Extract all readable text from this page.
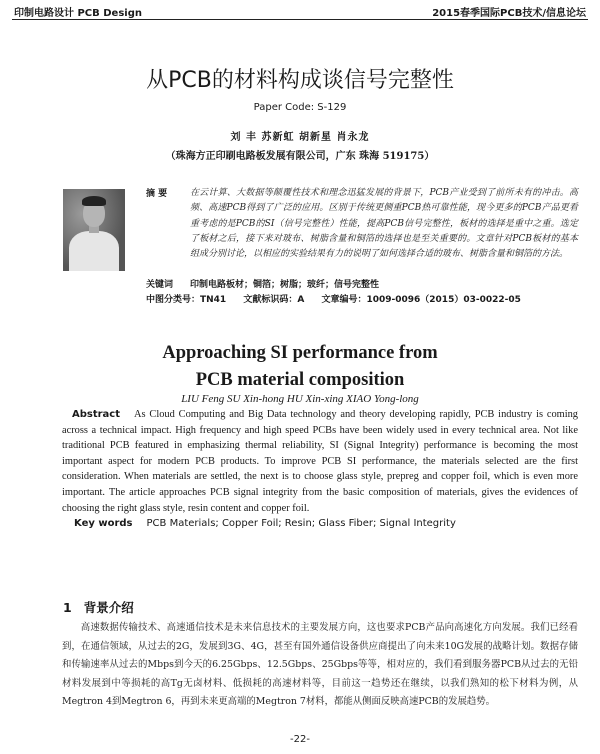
印制电路设计 PCB Design	2015春季国际PCB技术/信息论坛
从PCB的材料构成谈信号完整性
Paper Code: S-129
刘 丰 苏新虹 胡新星 肖永龙
（珠海方正印刷电路板发展有限公司，广东 珠海 519175）
摘 要	在云计算、大数据等颠覆性技术和理念迅猛发展的背景下，PCB产业受到了前所未有的冲击。高频、高速PCB得到了广泛的应用。区别于传统更侧重PCB热可靠性能，现今更多的PCB产品更看重考虑的是PCB的SI（信号完整性）性能，提高PCB信号完整性，板材的选择是重中之重。选定了板材之后，接下来对玻布、树脂含量和铜箔的选择也是至关重要的。文章针对PCB板材的基本组成分别讨论，以相应的实验结果有力的说明了如何选择合适的玻布、树脂含量和铜箔的方法。
关键词 印制电路板材；铜箔；树脂；玻纤；信号完整性
中图分类号：TN41 文献标识码：A 文章编号：1009-0096（2015）03-0022-05
Approaching SI performance from
PCB material composition
LIU Feng SU Xin-hong HU Xin-xing XIAO Yong-long
Abstract As Cloud Computing and Big Data technology and theory developing rapidly, PCB industry is coming across a technical impact. High frequency and high speed PCBs have been widely used in every technical area. Not like traditional PCB featured in emphasizing thermal reliability, SI (Signal Integrity) performance is becoming the most important aspect for modern PCB products. To improve PCB SI performance, the materials selected are the first consideration. When materials are settled, the next is to choose glass style, prepreg and copper foil, which is even more important. The article approaches PCB signal integrity from the basic composition of materials, gives the evidences of choosing the right glass style, resin content and copper foil.
Key words PCB Materials; Copper Foil; Resin; Glass Fiber; Signal Integrity
1 背景介绍
高速数据传输技术、高速通信技术是未来信息技术的主要发展方向，这也要求PCB产品向高速化方向发展。我们已经看到，在通信领域，从过去的2G，发展到3G、4G，甚至有国外通信设备供应商提出了向未来10G发展的战略计划。数据存储和传输速率从过去的Mbps到今天的6.25Gbps、12.5Gbps、25Gbps等等，相对应的，我们看到服务器PCB从过去的无铅材料发展到中等损耗的高Tg无卤材料、低损耗的高速材料等，目前这一趋势还在继续，以我们熟知的松下材料为例，从Megtron 4到Megtron 6，再到未来更高端的Megtron 7材料，都能从侧面反映高速PCB的发展趋势。
-22-
